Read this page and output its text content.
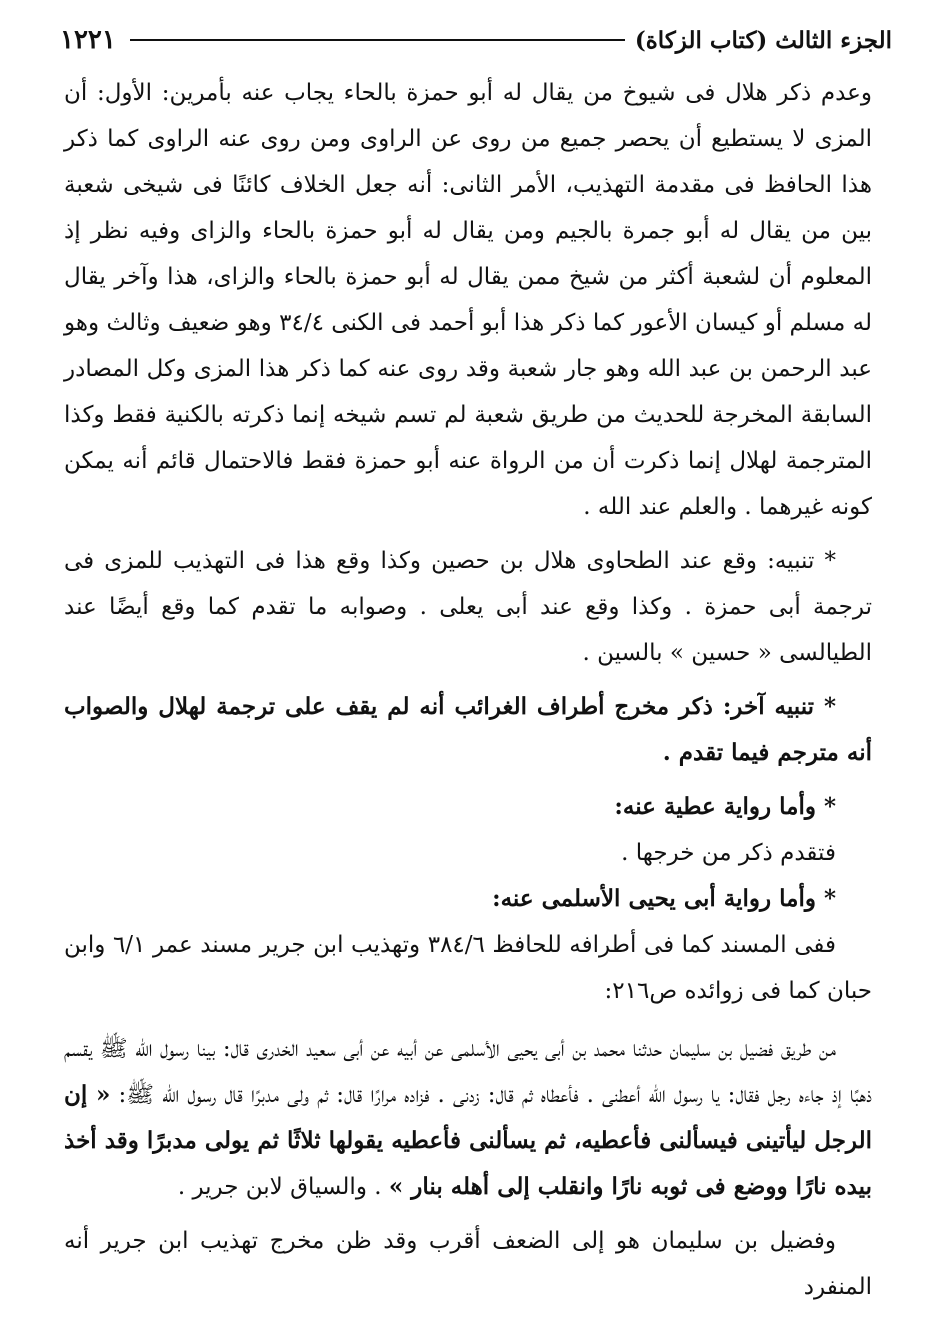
١٢٢١	الجزء الثالث (كتاب الزكاة)

وعدم ذكر هلال فى شيوخ من يقال له أبو حمزة بالحاء يجاب عنه بأمرين: الأول: أن المزى لا يستطيع أن يحصر جميع من روى عن الراوى ومن روى عنه الراوى كما ذكر هذا الحافظ فى مقدمة التهذيب، الأمر الثانى: أنه جعل الخلاف كائنًا فى شيخى شعبة بين من يقال له أبو جمرة بالجيم ومن يقال له أبو حمزة بالحاء والزاى وفيه نظر إذ المعلوم أن لشعبة أكثر من شيخ ممن يقال له أبو حمزة بالحاء والزاى، هذا وآخر يقال له مسلم أو كيسان الأعور كما ذكر هذا أبو أحمد فى الكنى ٣٤/٤ وهو ضعيف وثالث وهو عبد الرحمن بن عبد الله وهو جار شعبة وقد روى عنه كما ذكر هذا المزى وكل المصادر السابقة المخرجة للحديث من طريق شعبة لم تسم شيخه إنما ذكرته بالكنية فقط وكذا المترجمة لهلال إنما ذكرت أن من الرواة عنه أبو حمزة فقط فالاحتمال قائم أنه يمكن كونه غيرهما . والعلم عند الله .

* تنبيه: وقع عند الطحاوى هلال بن حصين وكذا وقع هذا فى التهذيب للمزى فى ترجمة أبى حمزة . وكذا وقع عند أبى يعلى . وصوابه ما تقدم كما وقع أيضًا عند الطيالسى « حسين » بالسين .

* تنبيه آخر: ذكر مخرج أطراف الغرائب أنه لم يقف على ترجمة لهلال والصواب أنه مترجم فيما تقدم .

* وأما رواية عطية عنه:

فتقدم ذكر من خرجها .

* وأما رواية أبى يحيى الأسلمى عنه:

ففى المسند كما فى أطرافه للحافظ ٣٨٤/٦ وتهذيب ابن جرير مسند عمر ٦/١ وابن حبان كما فى زوائده ص٢١٦:

من طريق فضيل بن سليمان حدثنا محمد بن أبى يحيى الأسلمى عن أبيه عن أبى سعيد الخدرى قال: بينا رسول الله ﷺ يقسم ذهبًا إذ جاءه رجل فقال: يا رسول الله أعطنى . فأعطاه ثم قال: زدنى . فزاده مرارًا قال: ثم ولى مدبرًا قال رسول الله ﷺ: « إن الرجل ليأتينى فيسألنى فأعطيه، ثم يسألنى فأعطيه يقولها ثلاثًا ثم يولى مدبرًا وقد أخذ بيده نارًا ووضع فى ثوبه نارًا وانقلب إلى أهله بنار » . والسياق لابن جرير .

وفضيل بن سليمان هو إلى الضعف أقرب وقد ظن مخرج تهذيب ابن جرير أنه المنفرد
